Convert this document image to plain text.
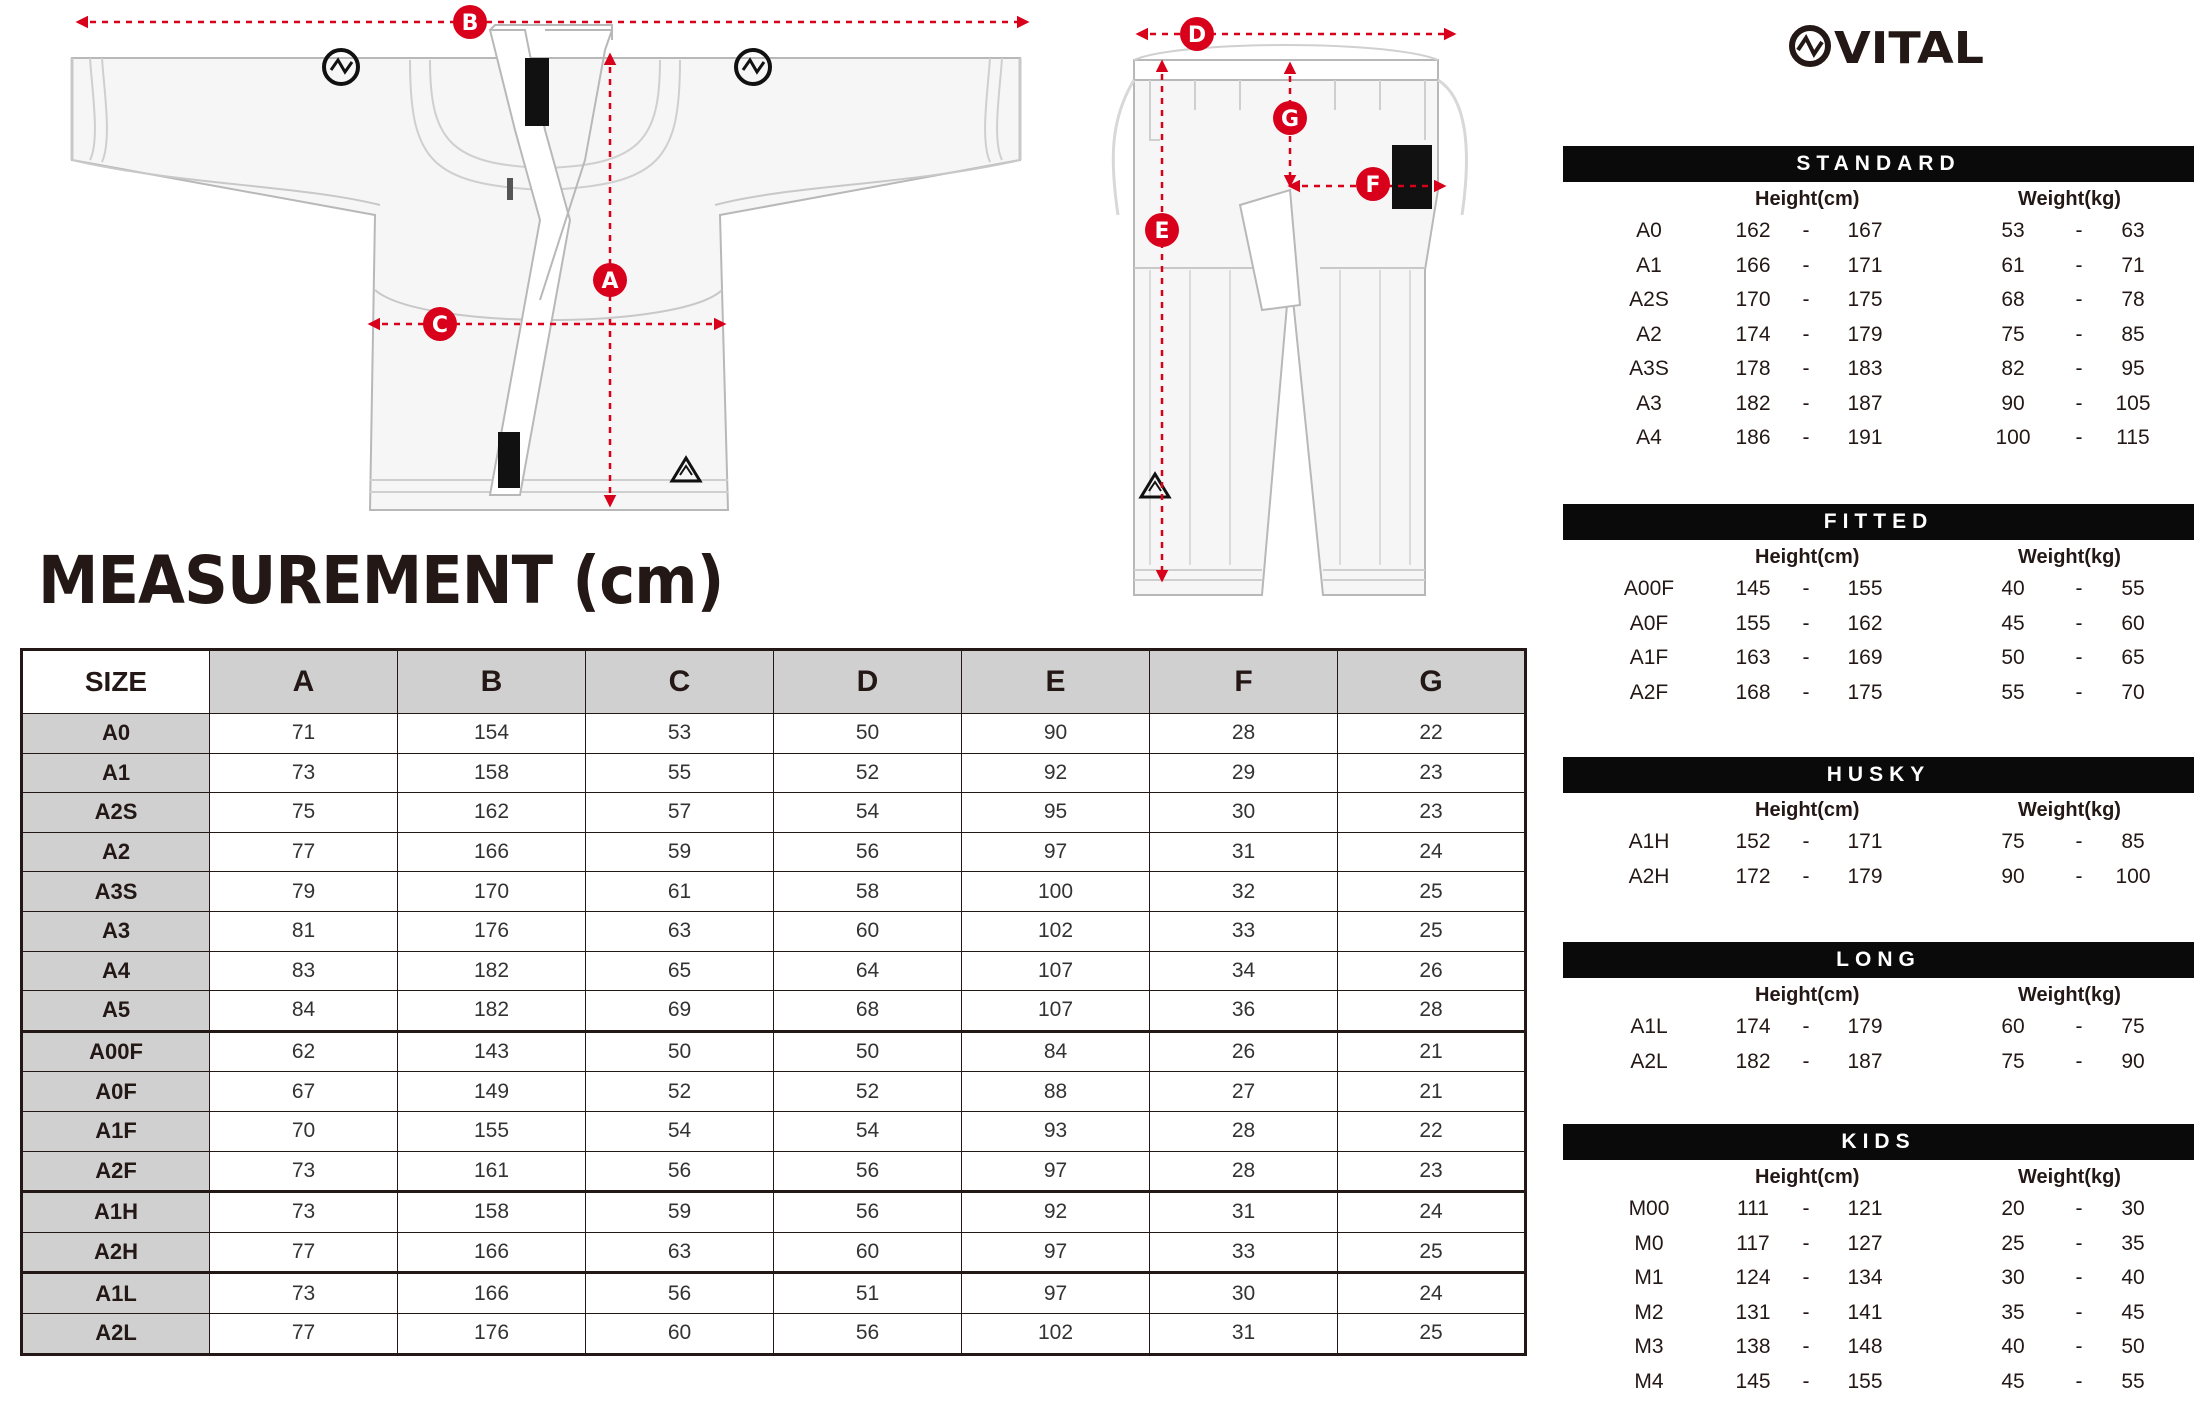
B
A
C
D
G
F
E
MEASUREMENT (cm)
SIZE	A	B	C	D	E	F	G
A0	71	154	53	50	90	28	22
A1	73	158	55	52	92	29	23
A2S	75	162	57	54	95	30	23
A2	77	166	59	56	97	31	24
A3S	79	170	61	58	100	32	25
A3	81	176	63	60	102	33	25
A4	83	182	65	64	107	34	26
A5	84	182	69	68	107	36	28
A00F	62	143	50	50	84	26	21
A0F	67	149	52	52	88	27	21
A1F	70	155	54	54	93	28	22
A2F	73	161	56	56	97	28	23
A1H	73	158	59	56	92	31	24
A2H	77	166	63	60	97	33	25
A1L	73	166	56	51	97	30	24
A2L	77	176	60	56	102	31	25
VITAL
STANDARD
Height(cm)	Weight(kg)
A0	162	-	167	53	-	63
A1	166	-	171	61	-	71
A2S	170	-	175	68	-	78
A2	174	-	179	75	-	85
A3S	178	-	183	82	-	95
A3	182	-	187	90	-	105
A4	186	-	191	100	-	115
FITTED
Height(cm)	Weight(kg)
A00F	145	-	155	40	-	55
A0F	155	-	162	45	-	60
A1F	163	-	169	50	-	65
A2F	168	-	175	55	-	70
HUSKY
Height(cm)	Weight(kg)
A1H	152	-	171	75	-	85
A2H	172	-	179	90	-	100
LONG
Height(cm)	Weight(kg)
A1L	174	-	179	60	-	75
A2L	182	-	187	75	-	90
KIDS
Height(cm)	Weight(kg)
M00	111	-	121	20	-	30
M0	117	-	127	25	-	35
M1	124	-	134	30	-	40
M2	131	-	141	35	-	45
M3	138	-	148	40	-	50
M4	145	-	155	45	-	55
